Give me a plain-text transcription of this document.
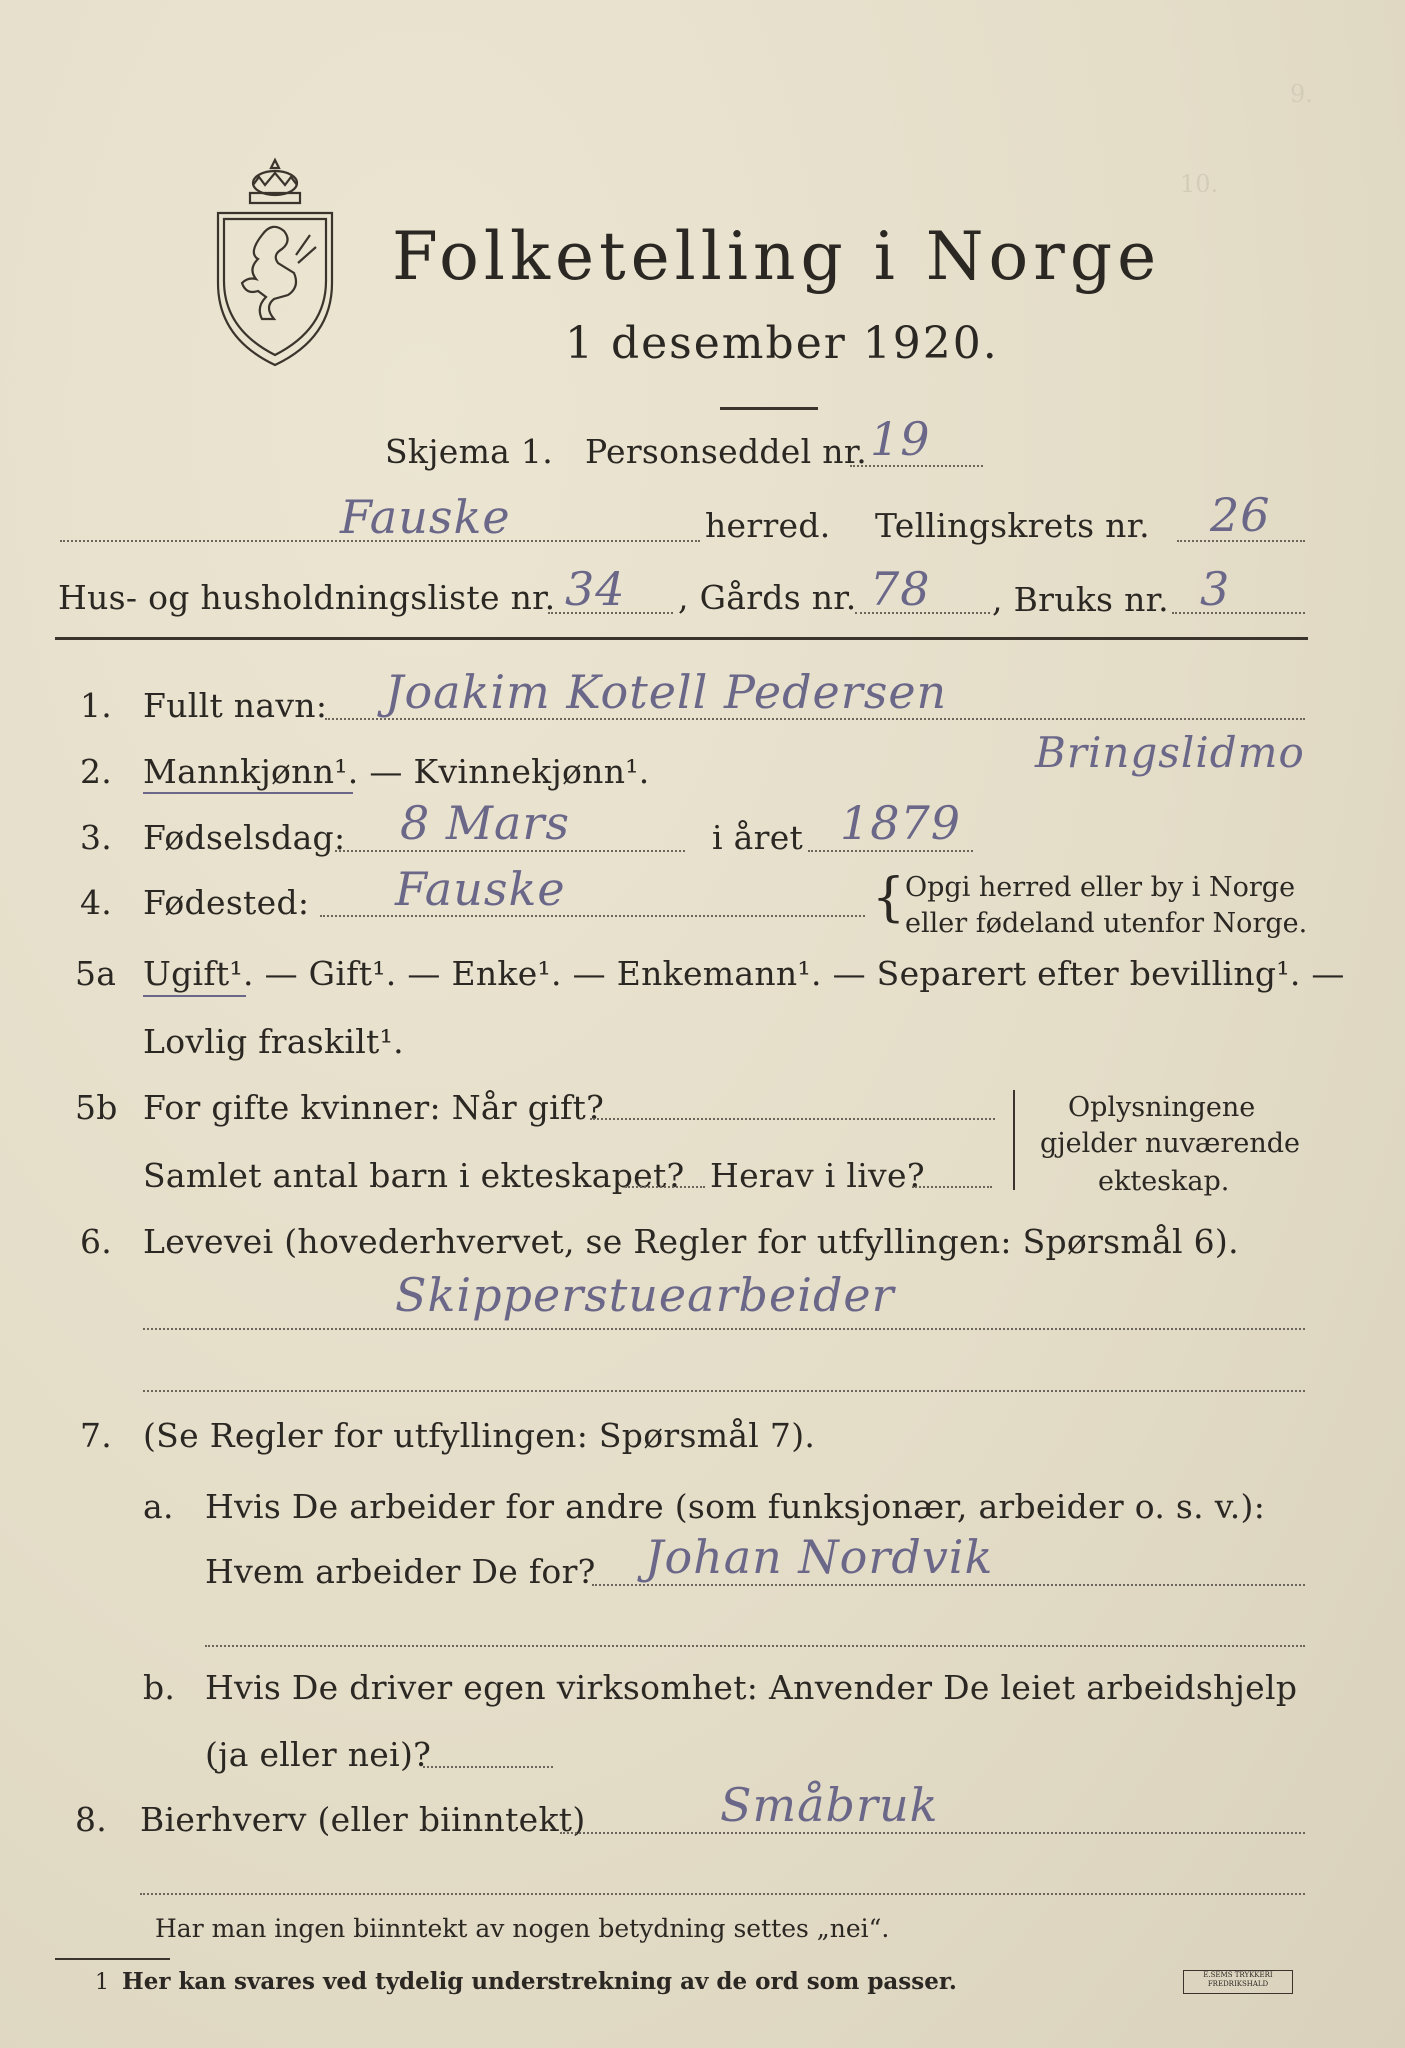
9.
10.
Folketelling i Norge
1 desember 1920.
Skjema 1. Personseddel nr. 19
Fauske	herred. Tellingskrets nr. 26
Hus- og husholdningsliste nr. 34 , Gårds nr. 78 , Bruks nr. 3
1. Fullt navn: Joakim Kotell Pedersen
2. Mannkjønn¹. — Kvinnekjønn¹.	Bringslidmo
3. Fødselsdag: 8 Mars	i året 1879
4. Fødested: Fauske	{ Opgi herred eller by i Norge
eller fødeland utenfor Norge.
5a Ugift¹. — Gift¹. — Enke¹. — Enkemann¹. — Separert efter bevilling¹. —
Lovlig fraskilt¹.
5b For gifte kvinner: Når gift?
Samlet antal barn i ekteskapet? Herav i live?
Oplysningene
gjelder nuværende
ekteskap.
6. Levevei (hovederhvervet, se Regler for utfyllingen: Spørsmål 6).
Skipperstuearbeider
7. (Se Regler for utfyllingen: Spørsmål 7).
a. Hvis De arbeider for andre (som funksjonær, arbeider o. s. v.):
Hvem arbeider De for? Johan Nordvik
b. Hvis De driver egen virksomhet: Anvender De leiet arbeidshjelp
(ja eller nei)?
8. Bierhverv (eller biinntekt)	Småbruk
Har man ingen biinntekt av nogen betydning settes „nei“.
1 Her kan svares ved tydelig understrekning av de ord som passer.	E.SEMS TRYKKERI FREDRIKSHALD
